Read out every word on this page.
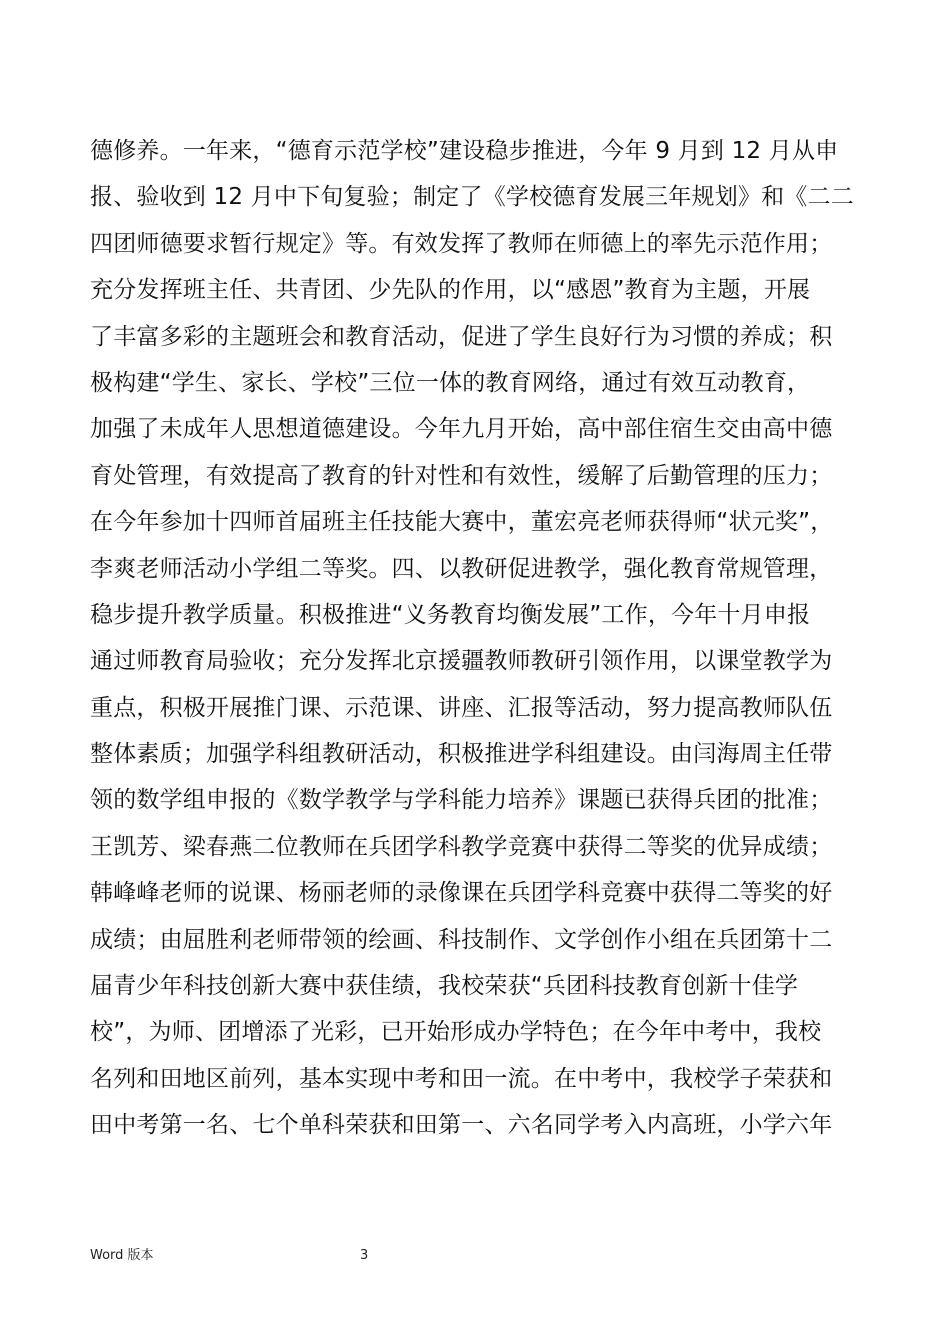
德修养。一年来，“德育示范学校”建设稳步推进，今年 9 月到 12 月从申
报、验收到 12 月中下旬复验；制定了《学校德育发展三年规划》和《二二
四团师德要求暂行规定》等。有效发挥了教师在师德上的率先示范作用；
充分发挥班主任、共青团、少先队的作用，以“感恩”教育为主题，开展
了丰富多彩的主题班会和教育活动，促进了学生良好行为习惯的养成；积
极构建“学生、家长、学校”三位一体的教育网络，通过有效互动教育，
加强了未成年人思想道德建设。今年九月开始，高中部住宿生交由高中德
育处管理，有效提高了教育的针对性和有效性，缓解了后勤管理的压力；
在今年参加十四师首届班主任技能大赛中，董宏亮老师获得师“状元奖”，
李爽老师活动小学组二等奖。四、以教研促进教学，强化教育常规管理，
稳步提升教学质量。积极推进“义务教育均衡发展”工作，今年十月申报
通过师教育局验收；充分发挥北京援疆教师教研引领作用，以课堂教学为
重点，积极开展推门课、示范课、讲座、汇报等活动，努力提高教师队伍
整体素质；加强学科组教研活动，积极推进学科组建设。由闫海周主任带
领的数学组申报的《数学教学与学科能力培养》课题已获得兵团的批准；
王凯芳、梁春燕二位教师在兵团学科教学竞赛中获得二等奖的优异成绩；
韩峰峰老师的说课、杨丽老师的录像课在兵团学科竞赛中获得二等奖的好
成绩；由屈胜利老师带领的绘画、科技制作、文学创作小组在兵团第十二
届青少年科技创新大赛中获佳绩，我校荣获“兵团科技教育创新十佳学
校”，为师、团增添了光彩，已开始形成办学特色；在今年中考中，我校
名列和田地区前列，基本实现中考和田一流。在中考中，我校学子荣获和
田中考第一名、七个单科荣获和田第一、六名同学考入内高班，小学六年
Word 版本	3
